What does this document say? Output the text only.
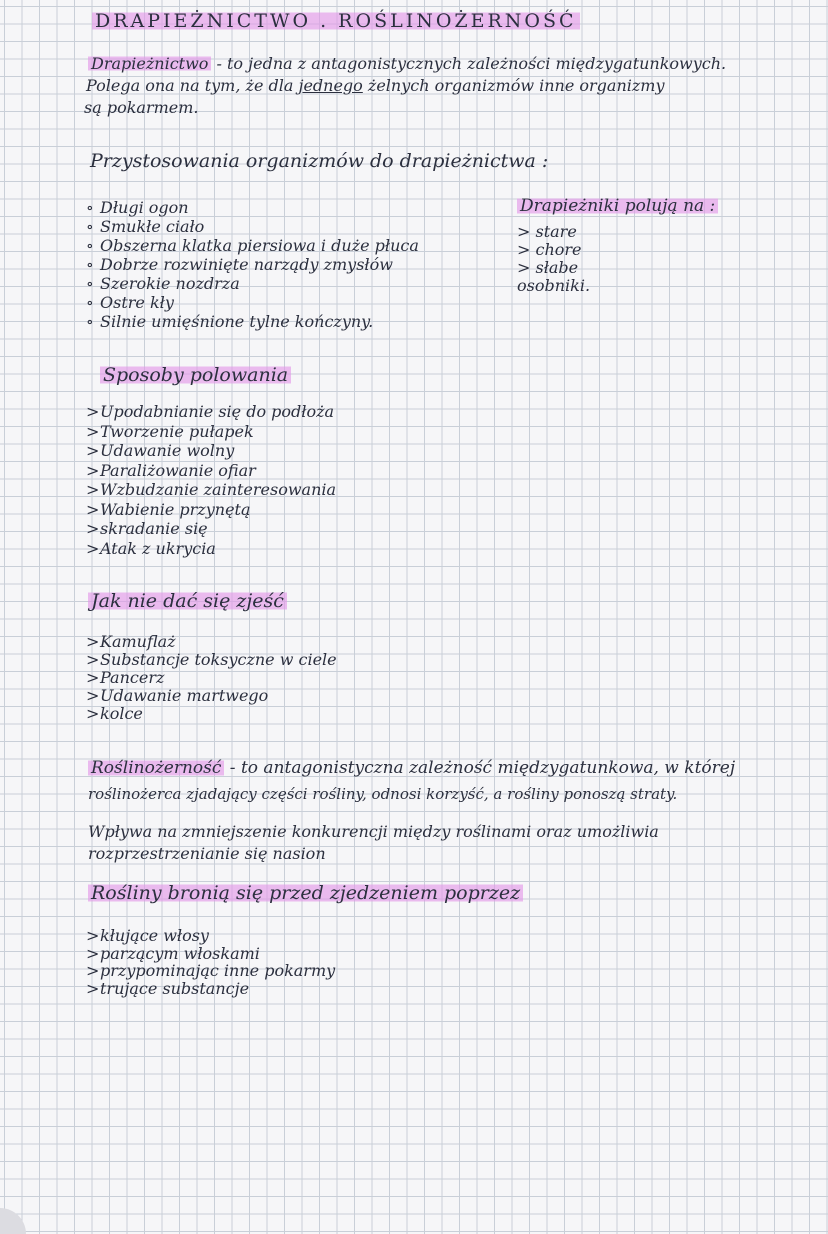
DRAPIEŻNICTWO . ROŚLINOŻERNOŚĆ
Drapieżnictwo - to jedna z antagonistycznych zależności międzygatunkowych.
Polega ona na tym, że dla jednego żelnych organizmów inne organizmy
są pokarmem.
Przystosowania organizmów do drapieżnictwa :
∘ Długi ogon
∘ Smukłe ciało
∘ Obszerna klatka piersiowa i duże płuca
∘ Dobrze rozwinięte narządy zmysłów
∘ Szerokie nozdrza
∘ Ostre kły
∘ Silnie umięśnione tylne kończyny.
Drapieżniki polują na :
> stare
> chore
> słabe
osobniki.
Sposoby polowania
>Upodabnianie się do podłoża
>Tworzenie pułapek
>Udawanie wolny
>Paraliżowanie ofiar
>Wzbudzanie zainteresowania
>Wabienie przynętą
>skradanie się
>Atak z ukrycia
Jak nie dać się zjeść
>Kamuflaż
>Substancje toksyczne w ciele
>Pancerz
>Udawanie martwego
>kolce
Roślinożerność - to antagonistyczna zależność międzygatunkowa, w której
roślinożerca zjadający części rośliny, odnosi korzyść, a rośliny ponoszą straty.
Wpływa na zmniejszenie konkurencji między roślinami oraz umożliwia
rozprzestrzenianie się nasion
Rośliny bronią się przed zjedzeniem poprzez
>kłujące włosy
>parzącym włoskami
>przypominając inne pokarmy
>trujące substancje
